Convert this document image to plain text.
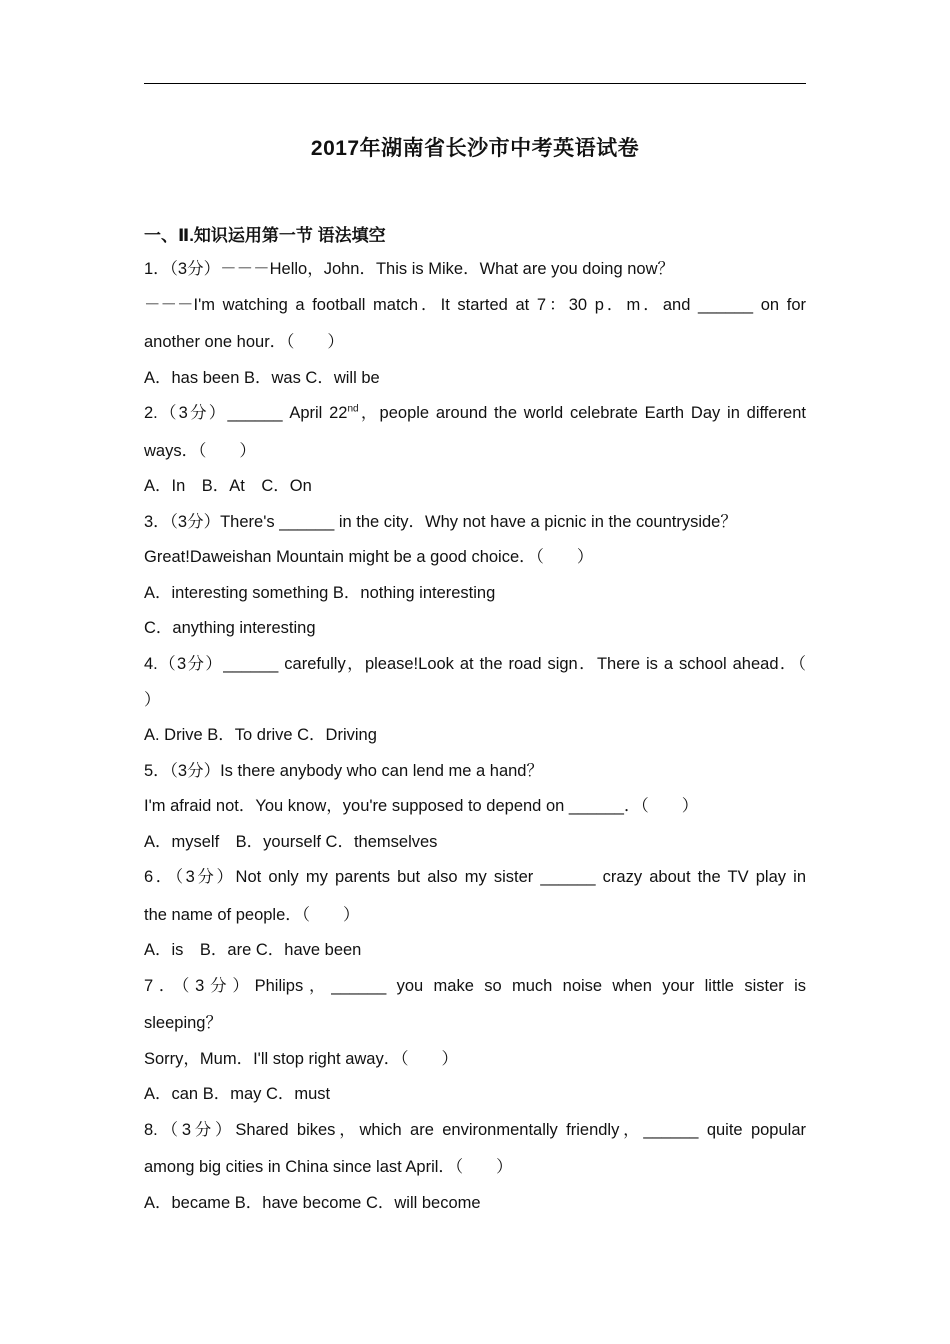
2017年湖南省长沙市中考英语试卷
一、Ⅱ.知识运用第一节 语法填空
1．（3分）－－－Hello，John．This is Mike．What are you doing now？
－－－I'm watching a football match．It started at 7：30 p．m．and ______ on for
another one hour．（　　）
A．has been B．was C．will be
2.（3分）______ April 22nd，people around the world celebrate Earth Day in different
ways．（　　）
A．In　B．At　C．On
3．（3分）There's ______ in the city．Why not have a picnic in the countryside？
Great!Daweishan Mountain might be a good choice．（　　）
A．interesting something B．nothing interesting
C．anything interesting
4.（3分）______ carefully，please!Look at the road sign．There is a school ahead．（
）
A. Drive B．To drive C．Driving
5．（3分）Is there anybody who can lend me a hand？
I'm afraid not．You know，you're supposed to depend on ______．（　　）
A．myself　B．yourself C．themselves
6．（3分）Not only my parents but also my sister ______ crazy about the TV play in
the name of people．（　　）
A．is　B．are C．have been
7．（3分）Philips，______ you make so much noise when your little sister is
sleeping？
Sorry，Mum．I'll stop right away．（　　）
A．can B．may C．must
8.（3分）Shared bikes，which are environmentally friendly，______ quite popular
among big cities in China since last April．（　　）
A．became B．have become C．will become
